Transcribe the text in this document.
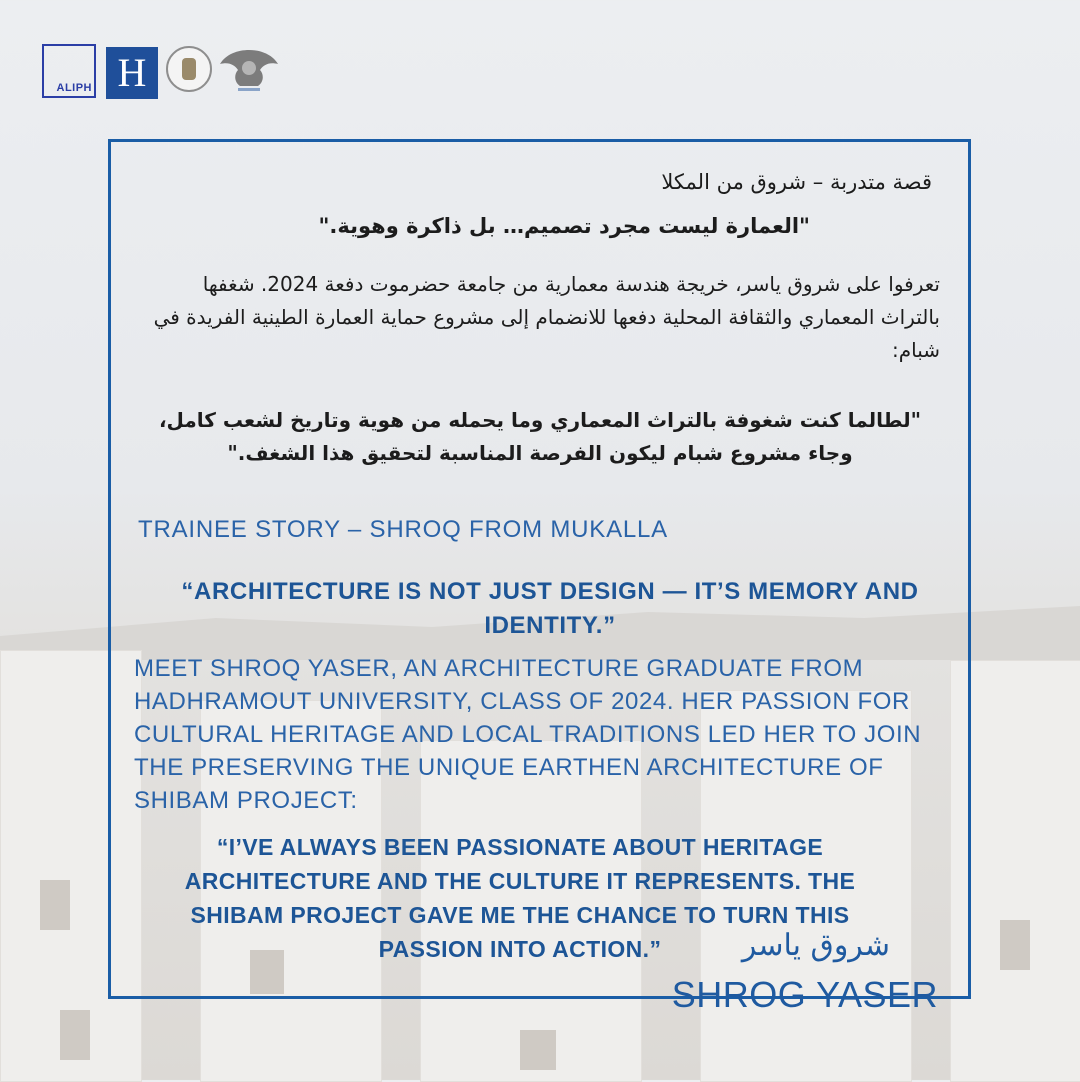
ALIPH H

قصة متدربة – شروق من المكلا

"العمارة ليست مجرد تصميم… بل ذاكرة وهوية."

تعرفوا على شروق ياسر، خريجة هندسة معمارية من جامعة حضرموت دفعة 2024. شغفها بالتراث المعماري والثقافة المحلية دفعها للانضمام إلى مشروع حماية العمارة الطينية الفريدة في شبام:

"لطالما كنت شغوفة بالتراث المعماري وما يحمله من هوية وتاريخ لشعب كامل، وجاء مشروع شبام ليكون الفرصة المناسبة لتحقيق هذا الشغف."

TRAINEE STORY – SHROQ FROM MUKALLA

“ARCHITECTURE IS NOT JUST DESIGN — IT’S MEMORY AND IDENTITY.”

MEET SHROQ YASER, AN ARCHITECTURE GRADUATE FROM HADHRAMOUT UNIVERSITY, CLASS OF 2024. HER PASSION FOR CULTURAL HERITAGE AND LOCAL TRADITIONS LED HER TO JOIN THE PRESERVING THE UNIQUE EARTHEN ARCHITECTURE OF SHIBAM PROJECT:

“I’VE ALWAYS BEEN PASSIONATE ABOUT HERITAGE ARCHITECTURE AND THE CULTURE IT REPRESENTS. THE SHIBAM PROJECT GAVE ME THE CHANCE TO TURN THIS PASSION INTO ACTION.”	شروق ياسر

SHROG YASER
